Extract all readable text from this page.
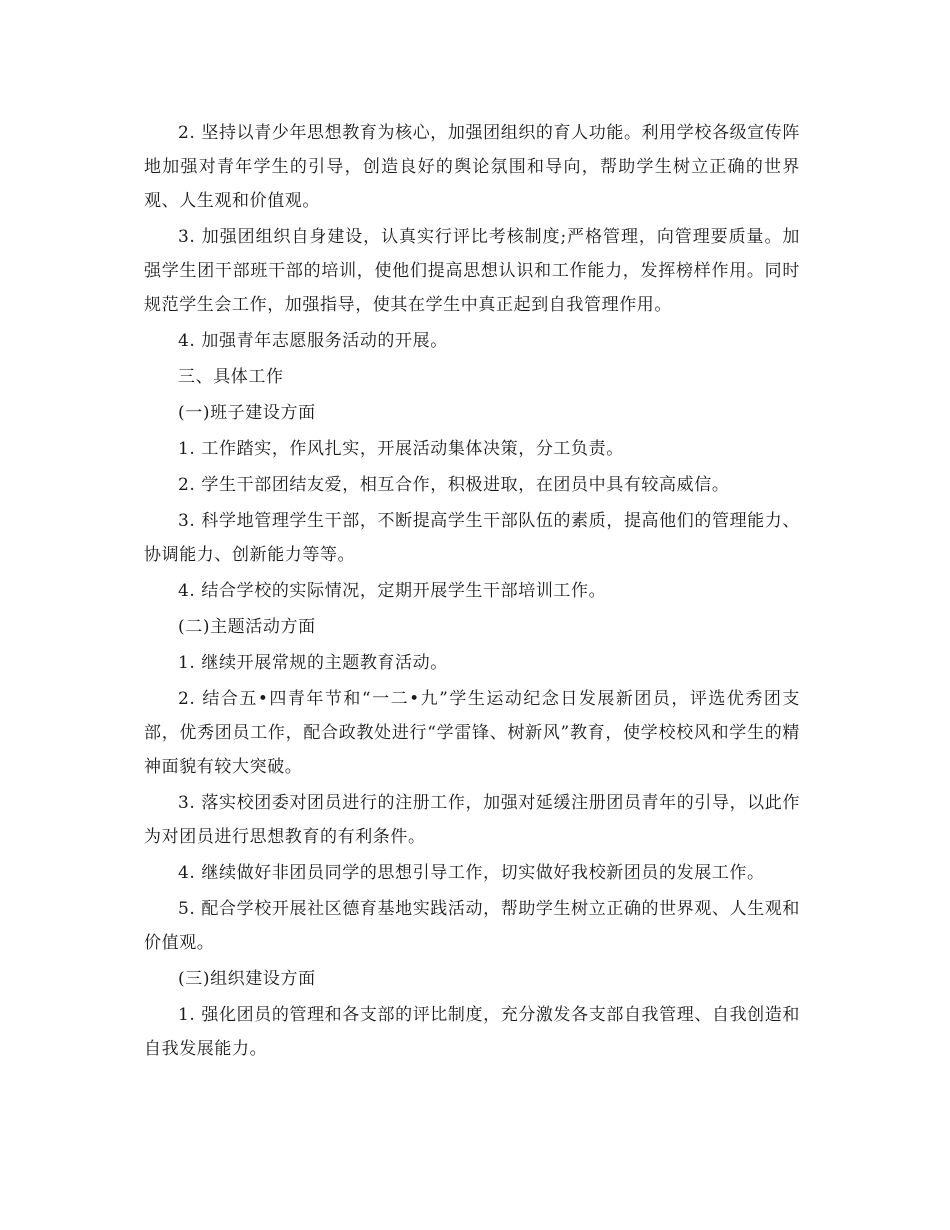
2. 坚持以青少年思想教育为核心，加强团组织的育人功能。利用学校各级宣传阵地加强对青年学生的引导，创造良好的舆论氛围和导向，帮助学生树立正确的世界观、人生观和价值观。

3. 加强团组织自身建设，认真实行评比考核制度;严格管理，向管理要质量。加强学生团干部班干部的培训，使他们提高思想认识和工作能力，发挥榜样作用。同时规范学生会工作，加强指导，使其在学生中真正起到自我管理作用。

4. 加强青年志愿服务活动的开展。

三、具体工作

(一)班子建设方面

1. 工作踏实，作风扎实，开展活动集体决策，分工负责。

2. 学生干部团结友爱，相互合作，积极进取，在团员中具有较高威信。

3. 科学地管理学生干部，不断提高学生干部队伍的素质，提高他们的管理能力、协调能力、创新能力等等。

4. 结合学校的实际情况，定期开展学生干部培训工作。

(二)主题活动方面

1. 继续开展常规的主题教育活动。

2. 结合五•四青年节和“一二•九”学生运动纪念日发展新团员，评选优秀团支部，优秀团员工作，配合政教处进行“学雷锋、树新风”教育，使学校校风和学生的精神面貌有较大突破。

3. 落实校团委对团员进行的注册工作，加强对延缓注册团员青年的引导，以此作为对团员进行思想教育的有利条件。

4. 继续做好非团员同学的思想引导工作，切实做好我校新团员的发展工作。

5. 配合学校开展社区德育基地实践活动，帮助学生树立正确的世界观、人生观和价值观。

(三)组织建设方面

1. 强化团员的管理和各支部的评比制度，充分激发各支部自我管理、自我创造和自我发展能力。
